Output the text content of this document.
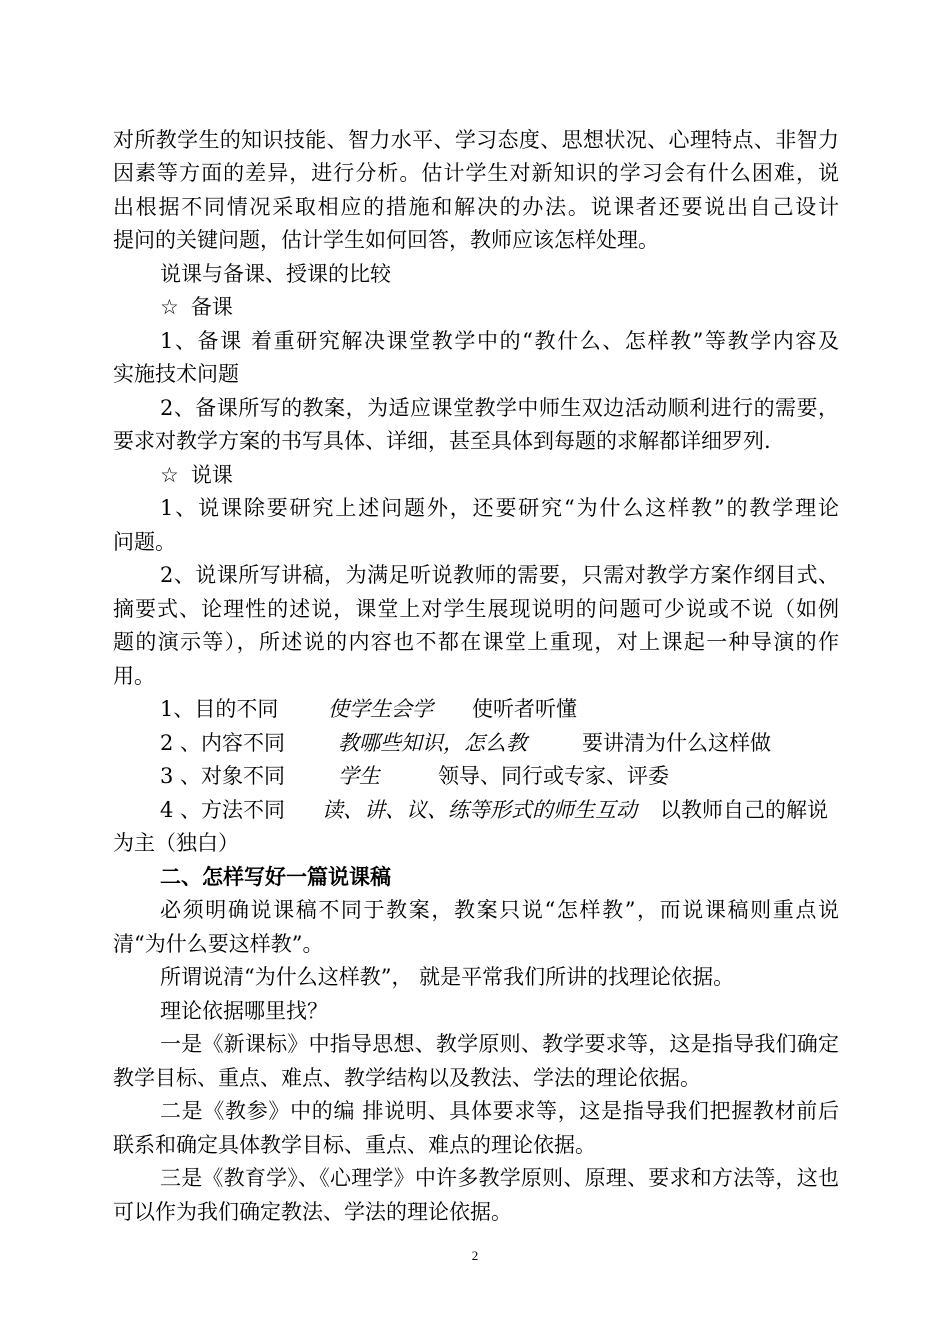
对所教学生的知识技能、智力水平、学习态度、思想状况、心理特点、非智力
因素等方面的差异，进行分析。估计学生对新知识的学习会有什么困难，说
出根据不同情况采取相应的措施和解决的办法。说课者还要说出自己设计
提问的关键问题，估计学生如何回答，教师应该怎样处理。
说课与备课、授课的比较
☆ 备课
1、备课 着重研究解决课堂教学中的“教什么、怎样教”等教学内容及
实施技术问题
2、备课所写的教案，为适应课堂教学中师生双边活动顺利进行的需要，
要求对教学方案的书写具体、详细，甚至具体到每题的求解都详细罗列.
☆ 说课
1、说课除要研究上述问题外，还要研究“为什么这样教”的教学理论
问题。
2、说课所写讲稿，为满足听说教师的需要，只需对教学方案作纲目式、
摘要式、论理性的述说，课堂上对学生展现说明的问题可少说或不说（如例
题的演示等），所述说的内容也不都在课堂上重现，对上课起一种导演的作
用。
1、目的不同 使学生会学 使听者听懂
2 、内容不同	教哪些知识，怎么教	要讲清为什么这样做
3 、对象不同	学生	领导、同行或专家、评委
4 、方法不同 读、讲、议、练等形式的师生互动 以教师自己的解说
为主（独白）
二、怎样写好一篇说课稿
必须明确说课稿不同于教案，教案只说“怎样教”，而说课稿则重点说
清“为什么要这样教”。
所谓说清“为什么这样教”， 就是平常我们所讲的找理论依据。
理论依据哪里找？
一是《新课标》中指导思想、教学原则、教学要求等，这是指导我们确定
教学目标、重点、难点、教学结构以及教法、学法的理论依据。
二是《教参》中的编 排说明、具体要求等，这是指导我们把握教材前后
联系和确定具体教学目标、重点、难点的理论依据。
三是《教育学》、《心理学》中许多教学原则、原理、要求和方法等，这也
可以作为我们确定教法、学法的理论依据。
2
